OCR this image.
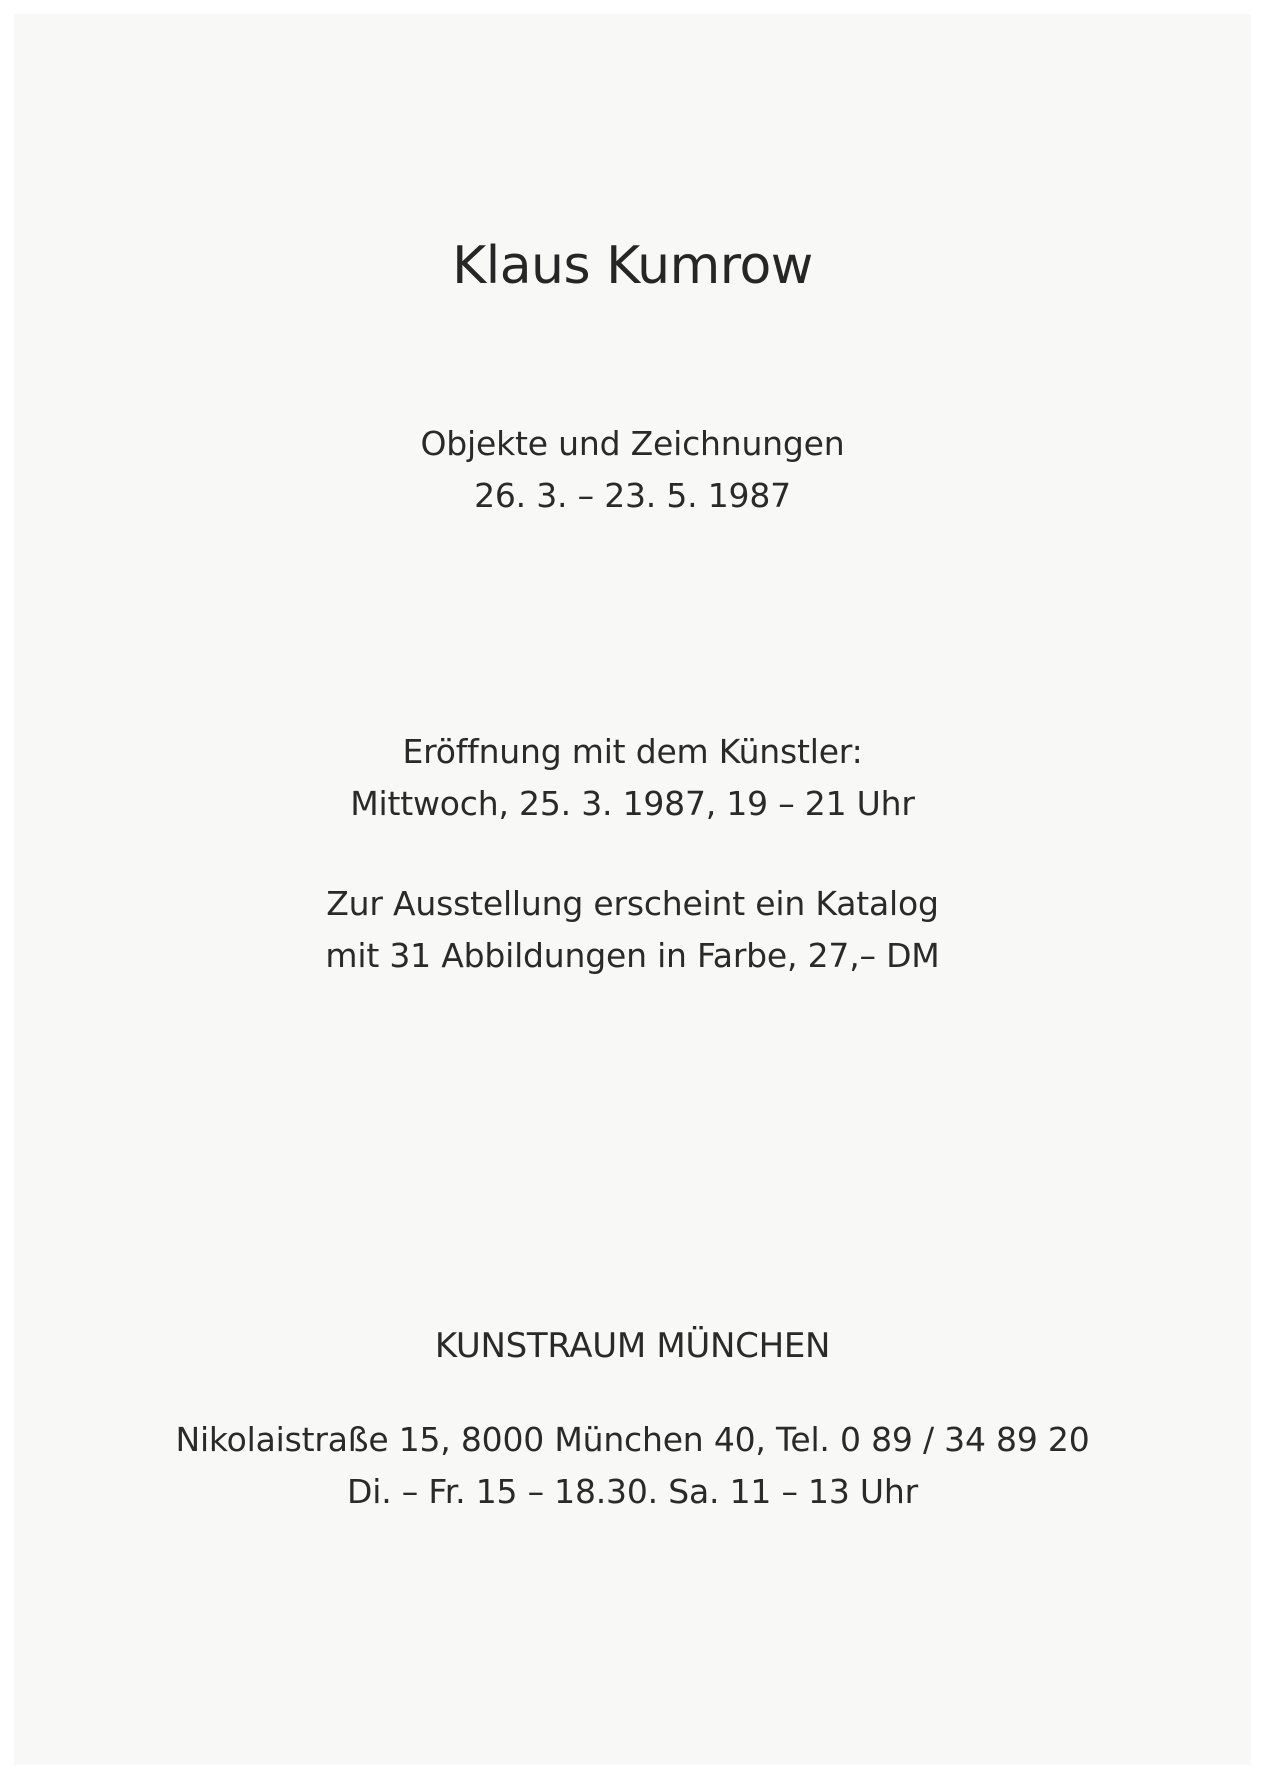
Klaus Kumrow
Objekte und Zeichnungen
26. 3. – 23. 5. 1987
Eröffnung mit dem Künstler:
Mittwoch, 25. 3. 1987, 19 – 21 Uhr
Zur Ausstellung erscheint ein Katalog
mit 31 Abbildungen in Farbe, 27,– DM
KUNSTRAUM MÜNCHEN
Nikolaistraße 15, 8000 München 40, Tel. 0 89 / 34 89 20
Di. – Fr. 15 – 18.30. Sa. 11 – 13 Uhr
